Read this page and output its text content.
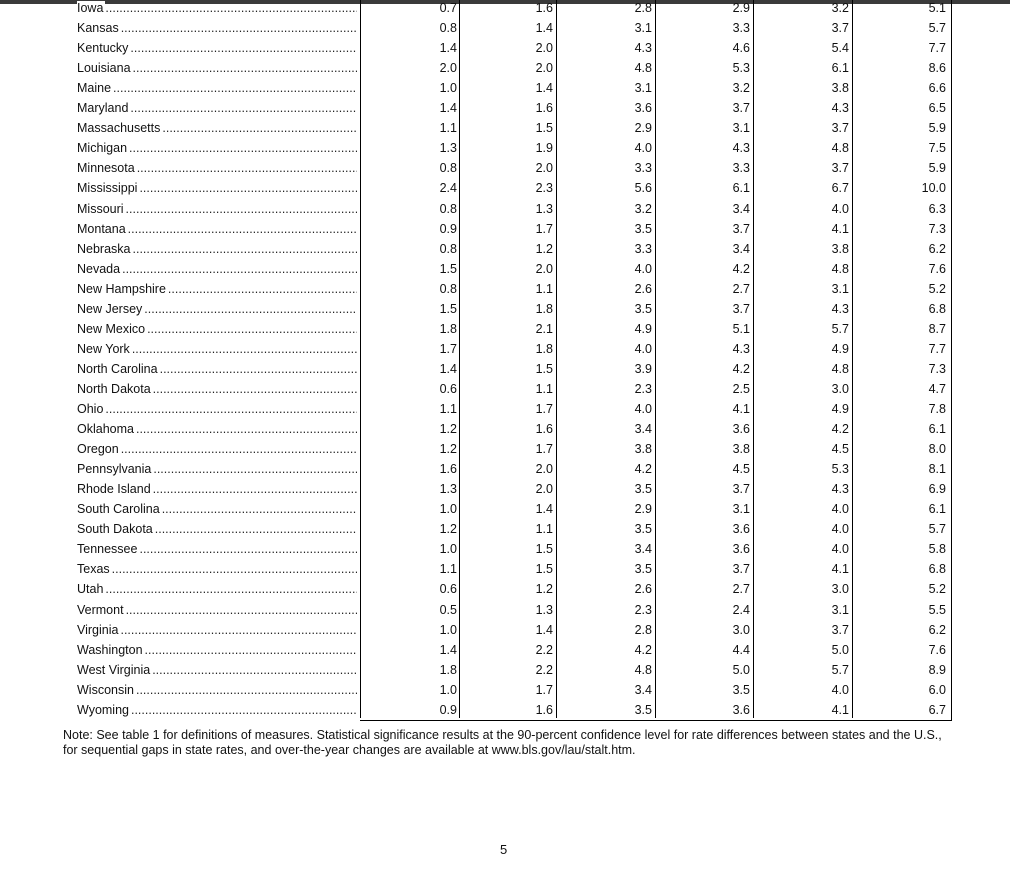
Iowa .....	0.7	1.6	2.8	2.9	3.2	5.1
Kansas .....	0.8	1.4	3.1	3.3	3.7	5.7
Kentucky .....	1.4	2.0	4.3	4.6	5.4	7.7
Louisiana .....	2.0	2.0	4.8	5.3	6.1	8.6
Maine .....	1.0	1.4	3.1	3.2	3.8	6.6
Maryland .....	1.4	1.6	3.6	3.7	4.3	6.5
Massachusetts .....	1.1	1.5	2.9	3.1	3.7	5.9
Michigan .....	1.3	1.9	4.0	4.3	4.8	7.5
Minnesota .....	0.8	2.0	3.3	3.3	3.7	5.9
Mississippi .....	2.4	2.3	5.6	6.1	6.7	10.0
Missouri .....	0.8	1.3	3.2	3.4	4.0	6.3
Montana .....	0.9	1.7	3.5	3.7	4.1	7.3
Nebraska .....	0.8	1.2	3.3	3.4	3.8	6.2
Nevada .....	1.5	2.0	4.0	4.2	4.8	7.6
New Hampshire .....	0.8	1.1	2.6	2.7	3.1	5.2
New Jersey .....	1.5	1.8	3.5	3.7	4.3	6.8
New Mexico .....	1.8	2.1	4.9	5.1	5.7	8.7
New York .....	1.7	1.8	4.0	4.3	4.9	7.7
North Carolina .....	1.4	1.5	3.9	4.2	4.8	7.3
North Dakota .....	0.6	1.1	2.3	2.5	3.0	4.7
Ohio .....	1.1	1.7	4.0	4.1	4.9	7.8
Oklahoma .....	1.2	1.6	3.4	3.6	4.2	6.1
Oregon .....	1.2	1.7	3.8	3.8	4.5	8.0
Pennsylvania .....	1.6	2.0	4.2	4.5	5.3	8.1
Rhode Island .....	1.3	2.0	3.5	3.7	4.3	6.9
South Carolina .....	1.0	1.4	2.9	3.1	4.0	6.1
South Dakota .....	1.2	1.1	3.5	3.6	4.0	5.7
Tennessee .....	1.0	1.5	3.4	3.6	4.0	5.8
Texas .....	1.1	1.5	3.5	3.7	4.1	6.8
Utah .....	0.6	1.2	2.6	2.7	3.0	5.2
Vermont .....	0.5	1.3	2.3	2.4	3.1	5.5
Virginia .....	1.0	1.4	2.8	3.0	3.7	6.2
Washington .....	1.4	2.2	4.2	4.4	5.0	7.6
West Virginia .....	1.8	2.2	4.8	5.0	5.7	8.9
Wisconsin .....	1.0	1.7	3.4	3.5	4.0	6.0
Wyoming .....	0.9	1.6	3.5	3.6	4.1	6.7
Note: See table 1 for definitions of measures. Statistical significance results at the 90-percent confidence level for rate differences between states and the U.S., for sequential gaps in state rates, and over-the-year changes are available at www.bls.gov/lau/stalt.htm.
5
